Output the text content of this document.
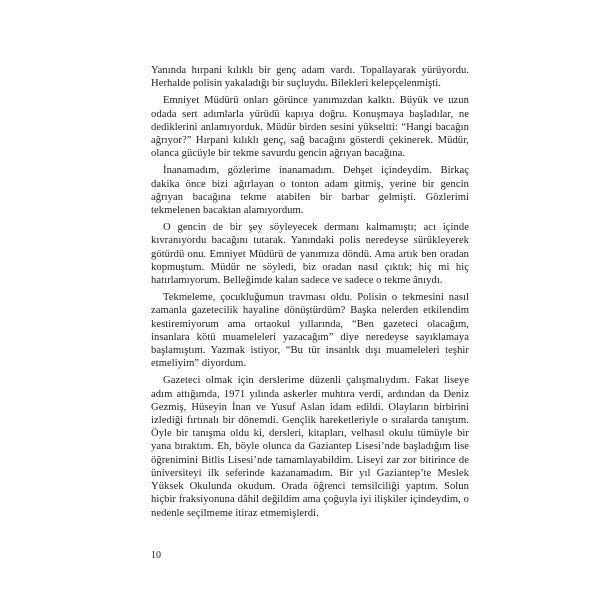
Yanında hırpani kılıklı bir genç adam vardı. Topallayarak yürüyordu. Herhalde polisin yakaladığı bir suçluydu. Bilekleri kelepçelenmişti.

Emniyet Müdürü onları görünce yanımızdan kalktı. Büyük ve uzun odada sert adımlarla yürüdü kapıya doğru. Konuşmaya başladılar, ne dediklerini anlamıyorduk. Müdür birden sesini yükseltti: “Hangi bacağın ağrıyor?” Hırpani kılıklı genç, sağ bacağını gösterdi çekinerek. Müdür, olanca gücüyle bir tekme savurdu gencin ağrıyan bacağına.

İnanamadım, gözlerime inanamadım. Dehşet içindeydim. Birkaç dakika önce bizi ağırlayan o tonton adam gitmiş, yerine bir gencin ağrıyan bacağına tekme atabilen bir barbar gelmişti. Gözlerimi tekmelenen bacaktan alamıyordum.

O gencin de bir şey söyleyecek dermanı kalmamıştı; acı içinde kıvranıyordu bacağını tutarak. Yanındaki polis neredeyse sürükleyerek götürdü onu. Emniyet Müdürü de yanımıza döndü. Ama artık ben oradan kopmuştum. Müdür ne söyledi, biz oradan nasıl çıktık; hiç mi hiç hatırlamıyorum. Belleğimde kalan sadece ve sadece o tekme ânıydı.

Tekmeleme, çocukluğumun travması oldu. Polisin o tekmesini nasıl zamanla gazetecilik hayaline dönüştürdüm? Başka nelerden etkilendim kestiremiyorum ama ortaokul yıllarında, “Ben gazeteci olacağım, insanlara kötü muameleleri yazacağım” diye neredeyse sayıklamaya başlamıştım. Yazmak istiyor, “Bu tür insanlık dışı muameleleri teşhir etmeliyim” diyordum.

Gazeteci olmak için derslerime düzenli çalışmalıydım. Fakat liseye adım attığımda, 1971 yılında askerler muhtıra verdi, ardından da Deniz Gezmiş, Hüseyin İnan ve Yusuf Aslan idam edildi. Olayların birbirini izlediği fırtınalı bir dönemdi. Gençlik hareketleriyle o sıralarda tanıştım. Öyle bir tanışma oldu ki, dersleri, kitapları, velhasıl okulu tümüyle bir yana bıraktım. Eh, böyle olunca da Gaziantep Lisesi’nde başladığım lise öğrenimini Bitlis Lisesi’nde tamamlayabildim. Liseyi zar zor bitirince de üniversiteyi ilk seferinde kazanamadım. Bir yıl Gaziantep’te Meslek Yüksek Okulunda okudum. Orada öğrenci temsilciliği yaptım. Solun hiçbir fraksiyonuna dâhil değildim ama çoğuyla iyi ilişkiler içindeydim, o nedenle seçilmeme itiraz etmemişlerdi.

10
